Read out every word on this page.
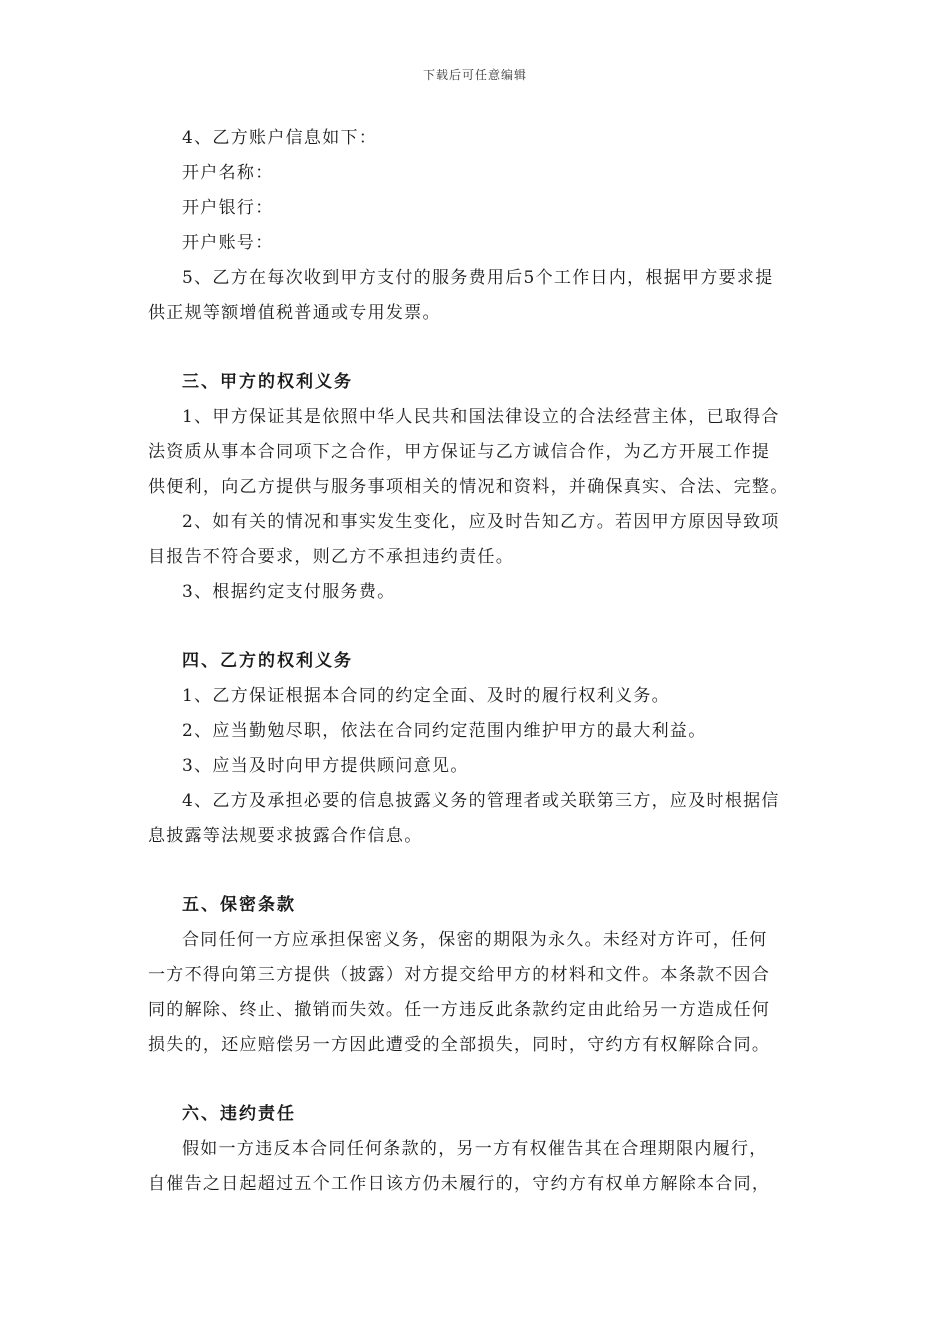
下载后可任意编辑
4、乙方账户信息如下：
开户名称：
开户银行：
开户账号：
5、乙方在每次收到甲方支付的服务费用后5个工作日内，根据甲方要求提
供正规等额增值税普通或专用发票。
三、甲方的权利义务
1、甲方保证其是依照中华人民共和国法律设立的合法经营主体，已取得合
法资质从事本合同项下之合作，甲方保证与乙方诚信合作，为乙方开展工作提
供便利，向乙方提供与服务事项相关的情况和资料，并确保真实、合法、完整。
2、如有关的情况和事实发生变化，应及时告知乙方。若因甲方原因导致项
目报告不符合要求，则乙方不承担违约责任。
3、根据约定支付服务费。
四、乙方的权利义务
1、乙方保证根据本合同的约定全面、及时的履行权利义务。
2、应当勤勉尽职，依法在合同约定范围内维护甲方的最大利益。
3、应当及时向甲方提供顾问意见。
4、乙方及承担必要的信息披露义务的管理者或关联第三方，应及时根据信
息披露等法规要求披露合作信息。
五、保密条款
合同任何一方应承担保密义务，保密的期限为永久。未经对方许可，任何
一方不得向第三方提供（披露）对方提交给甲方的材料和文件。本条款不因合
同的解除、终止、撤销而失效。任一方违反此条款约定由此给另一方造成任何
损失的，还应赔偿另一方因此遭受的全部损失，同时，守约方有权解除合同。
六、违约责任
假如一方违反本合同任何条款的，另一方有权催告其在合理期限内履行，
自催告之日起超过五个工作日该方仍未履行的，守约方有权单方解除本合同，
